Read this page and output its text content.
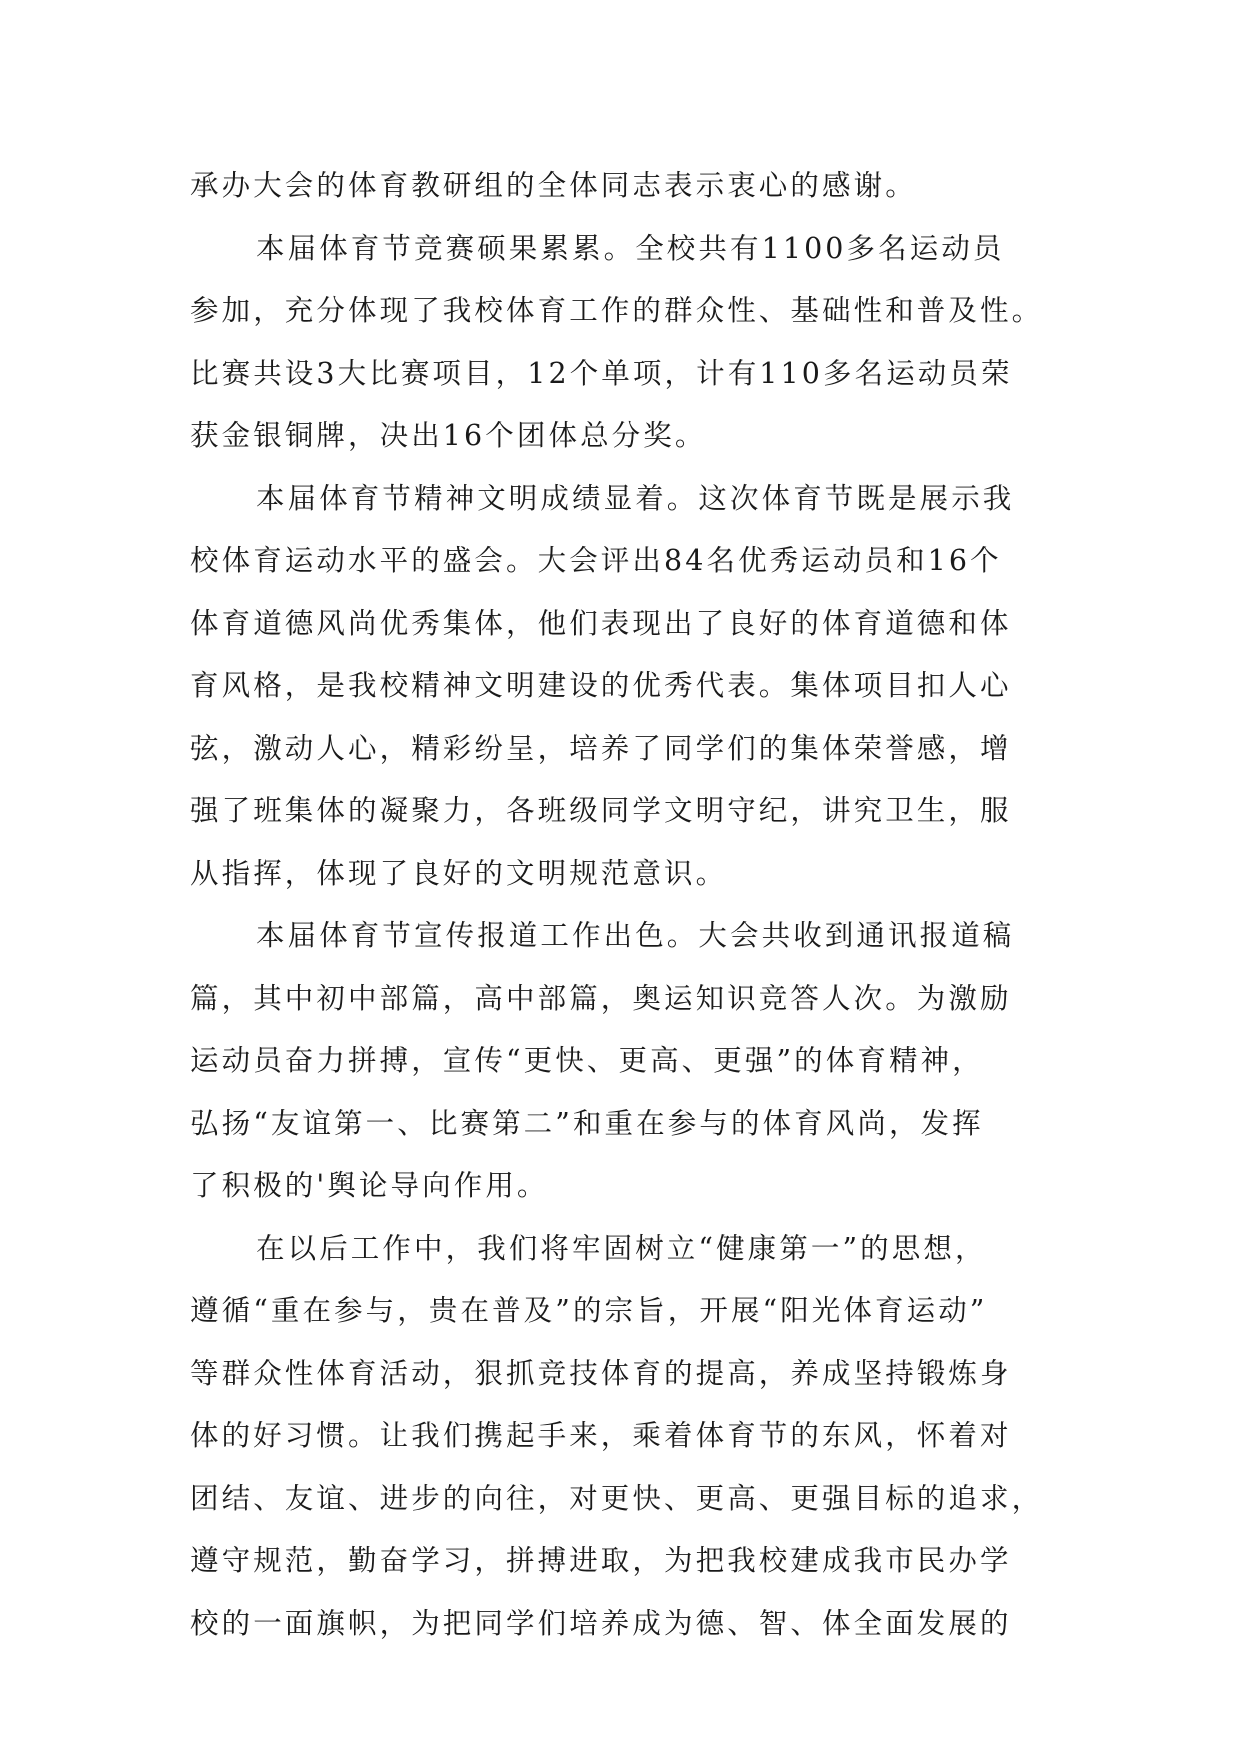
承办大会的体育教研组的全体同志表示衷心的感谢。
本届体育节竞赛硕果累累。全校共有1100多名运动员
参加，充分体现了我校体育工作的群众性、基础性和普及性。
比赛共设3大比赛项目，12个单项，计有110多名运动员荣
获金银铜牌，决出16个团体总分奖。
本届体育节精神文明成绩显着。这次体育节既是展示我
校体育运动水平的盛会。大会评出84名优秀运动员和16个
体育道德风尚优秀集体，他们表现出了良好的体育道德和体
育风格，是我校精神文明建设的优秀代表。集体项目扣人心
弦，激动人心，精彩纷呈，培养了同学们的集体荣誉感，增
强了班集体的凝聚力，各班级同学文明守纪，讲究卫生，服
从指挥，体现了良好的文明规范意识。
本届体育节宣传报道工作出色。大会共收到通讯报道稿
篇，其中初中部篇，高中部篇，奥运知识竞答人次。为激励
运动员奋力拼搏，宣传“更快、更高、更强”的体育精神，
弘扬“友谊第一、比赛第二”和重在参与的体育风尚，发挥
了积极的'舆论导向作用。
在以后工作中，我们将牢固树立“健康第一”的思想，
遵循“重在参与，贵在普及”的宗旨，开展“阳光体育运动”
等群众性体育活动，狠抓竞技体育的提高，养成坚持锻炼身
体的好习惯。让我们携起手来，乘着体育节的东风，怀着对
团结、友谊、进步的向往，对更快、更高、更强目标的追求，
遵守规范，勤奋学习，拼搏进取，为把我校建成我市民办学
校的一面旗帜，为把同学们培养成为德、智、体全面发展的
